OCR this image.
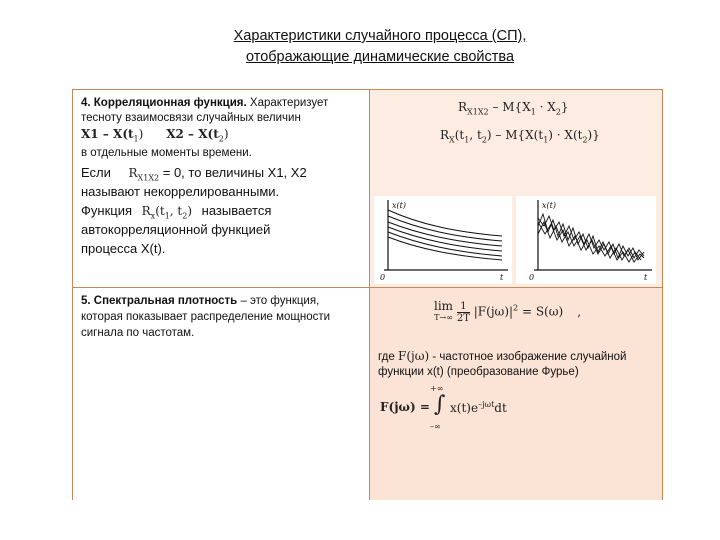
Характеристики случайного процесса (СП),
отображающие динамические свойства
4. Корреляционная функция. Характеризует
тесноту взаимосвязи случайных величин
$X1 - X(t_1)$      $X2 - X(t_2)$
в отдельные моменты времени.
Если $R_{X1X2} = 0$, то величины Х1, Х2
называют некоррелированными.
Функция $R_x(t_1$, $t_2$) называется
автокорреляционной функцией
процесса X(t).
$R_{X1X2} - M\{X_1 \cdot X_2\}$
$R_X(t_1$, $t_2) - M\{X(t_1) \cdot X(t_2)\}$
x(t)
0	t
x(t)
0	t
5. Спектральная плотность – это функция,
которая показывает распределение мощности
сигнала по частотам.
lim
T→∞
$\frac{1}{2T} |F(j\omega)|^2 = S(\omega)$ ,
где F(jω) - частотное изображение случайной
функции x(t) (преобразование Фурье)
F(jω) =
+∞
∫
–∞
$x(t)e^{-j\omega t}dt$
